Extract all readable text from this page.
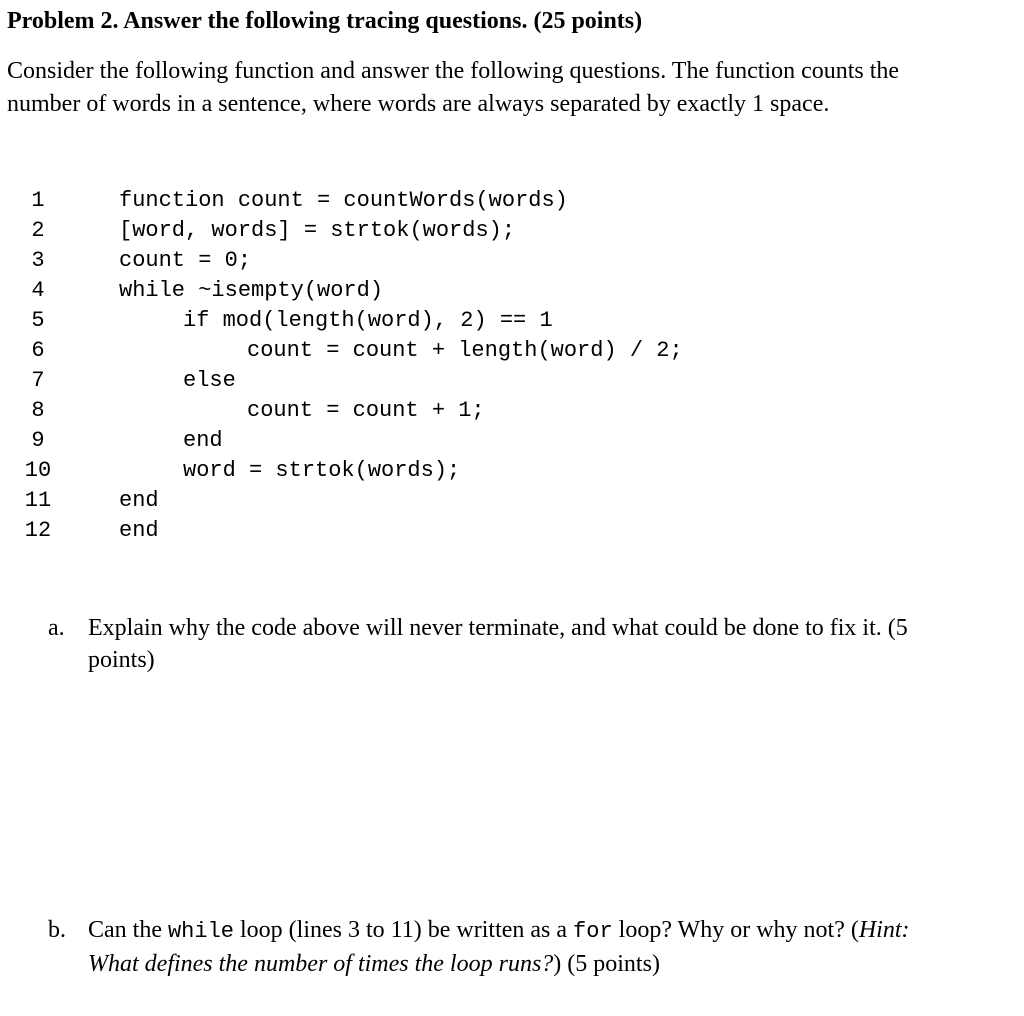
Problem 2. Answer the following tracing questions. (25 points)

Consider the following function and answer the following questions. The function counts the

number of words in a sentence, where words are always separated by exactly 1 space.

1	function count = countWords(words)
2	[word, words] = strtok(words);
3	count = 0;
4	while ~isempty(word)
5	if mod(length(word), 2) == 1
6	count = count + length(word) / 2;
7	else
8	count = count + 1;
9	end
10	word = strtok(words);
11	end
12	end
a. Explain why the code above will never terminate, and what could be done to fix it. (5

points)

b. Can the while loop (lines 3 to 11) be written as a for loop? Why or why not? (Hint:

What defines the number of times the loop runs?) (5 points)
